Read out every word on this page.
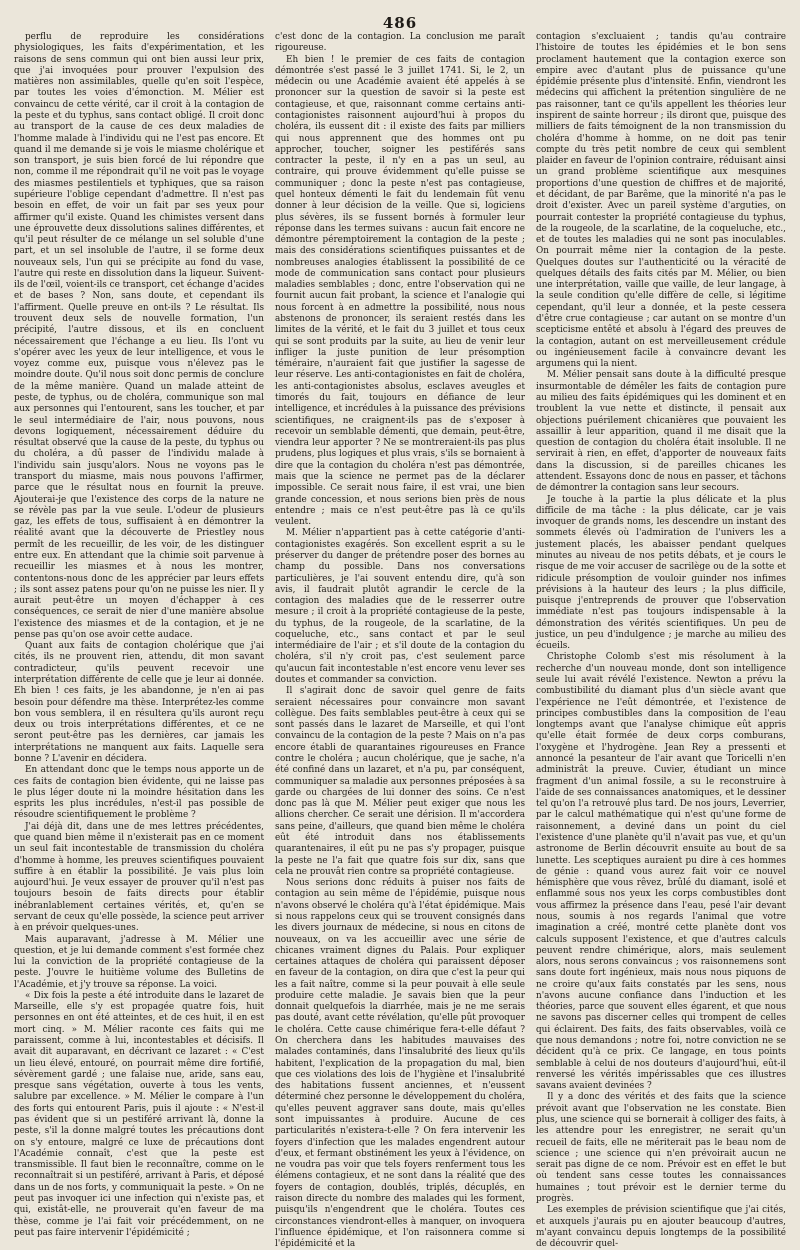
486

perflu de reproduire les considérations physiologiques, les faits d'expérimentation, et les raisons de sens commun qui ont bien aussi leur prix, que j'ai invoquées pour prouver l'expulsion des matières non assimilables, quelle qu'en soit l'espèce, par toutes les voies d'émonction. M. Mélier est convaincu de cette vérité, car il croit à la contagion de la peste et du typhus, sans contact obligé. Il croit donc au transport de la cause de ces deux maladies de l'homme malade à l'individu qui ne l'est pas encore. Et quand il me demande si je vois le miasme cholérique et son transport, je suis bien forcé de lui répondre que non, comme il me répondrait qu'il ne voit pas le voyage des miasmes pestilentiels et typhiques, que sa raison supérieure l'oblige cependant d'admettre. Il n'est pas besoin en effet, de voir un fait par ses yeux pour affirmer qu'il existe. Quand les chimistes versent dans une éprouvette deux dissolutions salines différentes, et qu'il peut résulter de ce mélange un sel soluble d'une part, et un sel insoluble de l'autre, il se forme deux nouveaux sels, l'un qui se précipite au fond du vase, l'autre qui reste en dissolution dans la liqueur. Suivent-ils de l'œil, voient-ils ce transport, cet échange d'acides et de bases ? Non, sans doute, et cependant ils l'affirment. Quelle preuve en ont-ils ? Le résultat. Ils trouvent deux sels de nouvelle formation, l'un précipité, l'autre dissous, et ils en concluent nécessairement que l'échange a eu lieu. Ils l'ont vu s'opérer avec les yeux de leur intelligence, et vous le voyez comme eux, puisque vous n'élevez pas le moindre doute. Qu'il nous soit donc permis de conclure de la même manière. Quand un malade atteint de peste, de typhus, ou de choléra, communique son mal aux personnes qui l'entourent, sans les toucher, et par le seul intermédiaire de l'air, nous pouvons, nous devons logiquement, nécessairement déduire du résultat observé que la cause de la peste, du typhus ou du choléra, a dû passer de l'individu malade à l'individu sain jusqu'alors. Nous ne voyons pas le transport du miasme, mais nous pouvons l'affirmer, parce que le résultat nous en fournit la preuve. Ajouterai-je que l'existence des corps de la nature ne se révèle pas par la vue seule. L'odeur de plusieurs gaz, les effets de tous, suffisaient à en démontrer la réalité avant que la découverte de Priestley nous permît de les recueillir, de les voir, de les distinguer entre eux. En attendant que la chimie soit parvenue à recueillir les miasmes et à nous les montrer, contentons-nous donc de les apprécier par leurs effets ; ils sont assez patens pour qu'on ne puisse les nier. Il y aurait peut-être un moyen d'échapper à ces conséquences, ce serait de nier d'une manière absolue l'existence des miasmes et de la contagion, et je ne pense pas qu'on ose avoir cette audace.

Quant aux faits de contagion cholérique que j'ai cités, ils ne prouvent rien, attendu, dit mon savant contradicteur, qu'ils peuvent recevoir une interprétation différente de celle que je leur ai donnée. Eh bien ! ces faits, je les abandonne, je n'en ai pas besoin pour défendre ma thèse. Interprétez-les comme bon vous semblera, il en résultera qu'ils auront reçu deux ou trois interprétations différentes, et ce ne seront peut-être pas les dernières, car jamais les interprétations ne manquent aux faits. Laquelle sera bonne ? L'avenir en décidera.

En attendant donc que le temps nous apporte un de ces faits de contagion bien évidente, qui ne laisse pas le plus léger doute ni la moindre hésitation dans les esprits les plus incrédules, n'est-il pas possible de résoudre scientifiquement le problème ?

J'ai déjà dit, dans une de mes lettres précédentes, que quand bien même il n'existerait pas en ce moment un seul fait incontestable de transmission du choléra d'homme à homme, les preuves scientifiques pouvaient suffire à en établir la possibilité. Je vais plus loin aujourd'hui. Je veux essayer de prouver qu'il n'est pas toujours besoin de faits directs pour établir inébranlablement certaines vérités, et, qu'en se servant de ceux qu'elle possède, la science peut arriver à en prévoir quelques-unes.

Mais auparavant, j'adresse à M. Mélier une question, et je lui demande comment s'est formée chez lui la conviction de la propriété contagieuse de la peste. J'ouvre le huitième volume des Bulletins de l'Académie, et j'y trouve sa réponse. La voici.

« Dix fois la peste a été introduite dans le lazaret de Marseille, elle s'y est propagée quatre fois, huit personnes en ont été atteintes, et de ces huit, il en est mort cinq. » M. Mélier raconte ces faits qui me paraissent, comme à lui, incontestables et décisifs. Il avait dit auparavant, en décrivant ce lazaret : « C'est un lieu élevé, entouré, on pourrait même dire fortifié, sévèrement gardé ; une falaise nue, aride, sans eau, presque sans végétation, ouverte à tous les vents, salubre par excellence. » M. Mélier le compare à l'un des forts qui entourent Paris, puis il ajoute : « N'est-il pas évident que si un pestiféré arrivant là, donne la peste, s'il la donne malgré toutes les précautions dont on s'y entoure, malgré ce luxe de précautions dont l'Académie connaît, c'est que la peste est transmissible. Il faut bien le reconnaître, comme on le reconnaîtrait si un pestiféré, arrivant à Paris, et déposé dans un de nos forts, y communiquait la peste. » On ne peut pas invoquer ici une infection qui n'existe pas, et qui, existât-elle, ne prouverait qu'en faveur de ma thèse, comme je l'ai fait voir précédemment, on ne peut pas faire intervenir l'épidémicité ;

c'est donc de la contagion. La conclusion me paraît rigoureuse.

Eh bien ! le premier de ces faits de contagion démontrée s'est passé le 3 juillet 1741. Si, le 2, un médecin ou une Académie avaient été appelés à se prononcer sur la question de savoir si la peste est contagieuse, et que, raisonnant comme certains anti-contagionistes raisonnent aujourd'hui à propos du choléra, ils eussent dit : il existe des faits par milliers qui nous apprennent que des hommes ont pu approcher, toucher, soigner les pestiférés sans contracter la peste, il n'y en a pas un seul, au contraire, qui prouve évidemment qu'elle puisse se communiquer ; donc la peste n'est pas contagieuse, quel honteux démenti le fait du lendemain fût venu donner à leur décision de la veille. Que si, logiciens plus sévères, ils se fussent bornés à formuler leur réponse dans les termes suivans : aucun fait encore ne démontre péremptoirement la contagion de la peste ; mais des considérations scientifiques puissantes et de nombreuses analogies établissent la possibilité de ce mode de communication sans contact pour plusieurs maladies semblables ; donc, entre l'observation qui ne fournit aucun fait probant, la science et l'analogie qui nous forcent à en admettre la possibilité, nous nous abstenons de prononcer, ils seraient restés dans les limites de la vérité, et le fait du 3 juillet et tous ceux qui se sont produits par la suite, au lieu de venir leur infliger la juste punition de leur présomption téméraire, n'auraient fait que justifier la sagesse de leur réserve. Les anti-contagionistes en fait de choléra, les anti-contagionistes absolus, esclaves aveugles et timorés du fait, toujours en défiance de leur intelligence, et incrédules à la puissance des prévisions scientifiques, ne craignent-ils pas de s'exposer à recevoir un semblable démenti, que demain, peut-être, viendra leur apporter ? Ne se montreraient-ils pas plus prudens, plus logiques et plus vrais, s'ils se bornaient à dire que la contagion du choléra n'est pas démontrée, mais que la science ne permet pas de la déclarer impossible. Ce serait nous faire, il est vrai, une bien grande concession, et nous serions bien près de nous entendre ; mais ce n'est peut-être pas là ce qu'ils veulent.

M. Mélier n'appartient pas à cette catégorie d'anti-contagionistes exagérés. Son excellent esprit a su le préserver du danger de prétendre poser des bornes au champ du possible. Dans nos conversations particulières, je l'ai souvent entendu dire, qu'à son avis, il faudrait plutôt agrandir le cercle de la contagion des maladies que de le resserrer outre mesure ; il croit à la propriété contagieuse de la peste, du typhus, de la rougeole, de la scarlatine, de la coqueluche, etc., sans contact et par le seul intermédiaire de l'air ; et s'il doute de la contagion du choléra, s'il n'y croit pas, c'est seulement parce qu'aucun fait incontestable n'est encore venu lever ses doutes et commander sa conviction.

Il s'agirait donc de savoir quel genre de faits seraient nécessaires pour convaincre mon savant collègue. Des faits semblables peut-être à ceux qui se sont passés dans le lazaret de Marseille, et qui l'ont convaincu de la contagion de la peste ? Mais on n'a pas encore établi de quarantaines rigoureuses en France contre le choléra ; aucun cholérique, que je sache, n'a été confiné dans un lazaret, et n'a pu, par conséquent, communiquer sa maladie aux personnes préposées à sa garde ou chargées de lui donner des soins. Ce n'est donc pas là que M. Mélier peut exiger que nous les allions chercher. Ce serait une dérision. Il m'accordera sans peine, d'ailleurs, que quand bien même le choléra eût été introduit dans nos établissements quarantenaires, il eût pu ne pas s'y propager, puisque la peste ne l'a fait que quatre fois sur dix, sans que cela ne prouvât rien contre sa propriété contagieuse.

Nous serions donc réduits à puiser nos faits de contagion au sein même de l'épidémie, puisque nous n'avons observé le choléra qu'à l'état épidémique. Mais si nous rappelons ceux qui se trouvent consignés dans les divers journaux de médecine, si nous en citons de nouveaux, on va les accueillir avec une série de chicanes vraiment dignes du Palais. Pour expliquer certaines attaques de choléra qui paraissent déposer en faveur de la contagion, on dira que c'est la peur qui les a fait naître, comme si la peur pouvait à elle seule produire cette maladie. Je savais bien que la peur donnait quelquefois la diarrhée, mais je ne me serais pas douté, avant cette révélation, qu'elle pût provoquer le choléra. Cette cause chimérique fera-t-elle défaut ? On cherchera dans les habitudes mauvaises des malades contaminés, dans l'insalubrité des lieux qu'ils habitent, l'explication de la propagation du mal, bien que ces violations des lois de l'hygiène et l'insalubrité des habitations fussent anciennes, et n'eussent déterminé chez personne le développement du choléra, qu'elles peuvent aggraver sans doute, mais qu'elles sont impuissantes à produire. Aucune de ces particularités n'existera-t-elle ? On fera intervenir les foyers d'infection que les malades engendrent autour d'eux, et fermant obstinément les yeux à l'évidence, on ne voudra pas voir que tels foyers renferment tous les élémens contagieux, et ne sont dans la réalité que des foyers de contagion, doublés, triplés, décuplés, en raison directe du nombre des malades qui les forment, puisqu'ils n'engendrent que le choléra. Toutes ces circonstances viendront-elles à manquer, on invoquera l'influence épidémique, et l'on raisonnera comme si l'épidémicité et la

contagion s'excluaient ; tandis qu'au contraire l'histoire de toutes les épidémies et le bon sens proclament hautement que la contagion exerce son empire avec d'autant plus de puissance qu'une épidémie présente plus d'intensité. Enfin, viendront les médecins qui affichent la prétention singulière de ne pas raisonner, tant ce qu'ils appellent les théories leur inspirent de sainte horreur ; ils diront que, puisque des milliers de faits témoignent de la non transmission du choléra d'homme à homme, on ne doit pas tenir compte du très petit nombre de ceux qui semblent plaider en faveur de l'opinion contraire, réduisant ainsi un grand problème scientifique aux mesquines proportions d'une question de chiffres et de majorité, et décidant, de par Barême, que la minorité n'a pas le droit d'exister. Avec un pareil système d'arguties, on pourrait contester la propriété contagieuse du typhus, de la rougeole, de la scarlatine, de la coqueluche, etc., et de toutes les maladies qui ne sont pas inoculables. On pourrait même nier la contagion de la peste. Quelques doutes sur l'authenticité ou la véracité de quelques détails des faits cités par M. Mélier, ou bien une interprétation, vaille que vaille, de leur langage, à la seule condition qu'elle diffère de celle, si légitime cependant, qu'il leur a donnée, et la peste cessera d'être crue contagieuse ; car autant on se montre d'un scepticisme entêté et absolu à l'égard des preuves de la contagion, autant on est merveilleusement crédule ou ingénieusement facile à convaincre devant les argumens qui la nient.

M. Mélier pensait sans doute à la difficulté presque insurmontable de démêler les faits de contagion pure au milieu des faits épidémiques qui les dominent et en troublent la vue nette et distincte, il pensait aux objections puérilement chicanières que pouvaient les assaillir à leur apparition, quand il me disait que la question de contagion du choléra était insoluble. Il ne servirait à rien, en effet, d'apporter de nouveaux faits dans la discussion, si de pareilles chicanes les attendent. Essayons donc de nous en passer, et tâchons de démontrer la contagion sans leur secours.

Je touche à la partie la plus délicate et la plus difficile de ma tâche : la plus délicate, car je vais invoquer de grands noms, les descendre un instant des sommets élevés où l'admiration de l'univers les a justement placés, les abaisser pendant quelques minutes au niveau de nos petits débats, et je cours le risque de me voir accuser de sacrilège ou de la sotte et ridicule présomption de vouloir guinder nos infimes prévisions à la hauteur des leurs ; la plus difficile, puisque j'entreprends de prouver que l'observation immédiate n'est pas toujours indispensable à la démonstration des vérités scientifiques. Un peu de justice, un peu d'indulgence ; je marche au milieu des écueils.

Christophe Colomb s'est mis résolument à la recherche d'un nouveau monde, dont son intelligence seule lui avait révélé l'existence. Newton a prévu la combustibilité du diamant plus d'un siècle avant que l'expérience ne l'eût démontrée, et l'existence de principes combustibles dans la composition de l'eau longtemps avant que l'analyse chimique eût appris qu'elle était formée de deux corps comburans, l'oxygène et l'hydrogène. Jean Rey a pressenti et annoncé la pesanteur de l'air avant que Toricelli n'en administrât la preuve. Cuvier, étudiant un mince fragment d'un animal fossile, a su le reconstruire à l'aide de ses connaissances anatomiques, et le dessiner tel qu'on l'a retrouvé plus tard. De nos jours, Leverrier, par le calcul mathématique qui n'est qu'une forme de raisonnement, a deviné dans un point du ciel l'existence d'une planète qu'il n'avait pas vue, et qu'un astronome de Berlin découvrit ensuite au bout de sa lunette. Les sceptiques auraient pu dire à ces hommes de génie : quand vous aurez fait voir ce nouvel hémisphère que vous rêvez, brûlé du diamant, isolé et enflammé sous nos yeux les corps combustibles dont vous affirmez la présence dans l'eau, pesé l'air devant nous, soumis à nos regards l'animal que votre imagination a créé, montré cette planète dont vos calculs supposent l'existence, et que d'autres calculs peuvent rendre chimérique, alors, mais seulement alors, nous serons convaincus ; vos raisonnemens sont sans doute fort ingénieux, mais nous nous piquons de ne croire qu'aux faits constatés par les sens, nous n'avons aucune confiance dans l'induction et les théories, parce que souvent elles égarent, et que nous ne savons pas discerner celles qui trompent de celles qui éclairent. Des faits, des faits observables, voilà ce que nous demandons ; notre foi, notre conviction ne se décident qu'à ce prix. Ce langage, en tous points semblable à celui de nos douteurs d'aujourd'hui, eût-il renversé les vérités impérissables que ces illustres savans avaient devinées ?

Il y a donc des vérités et des faits que la science prévoit avant que l'observation ne les constate. Bien plus, une science qui se bornerait à colliger des faits, à les attendre pour les enregistrer, ne serait qu'un recueil de faits, elle ne mériterait pas le beau nom de science ; une science qui n'en prévoirait aucun ne serait pas digne de ce nom. Prévoir est en effet le but où tendent sans cesse toutes les connaissances humaines ; tout prévoir est le dernier terme du progrès.

Les exemples de prévision scientifique que j'ai cités, et auxquels j'aurais pu en ajouter beaucoup d'autres, m'ayant convaincu depuis longtemps de la possibilité de découvrir quel-
